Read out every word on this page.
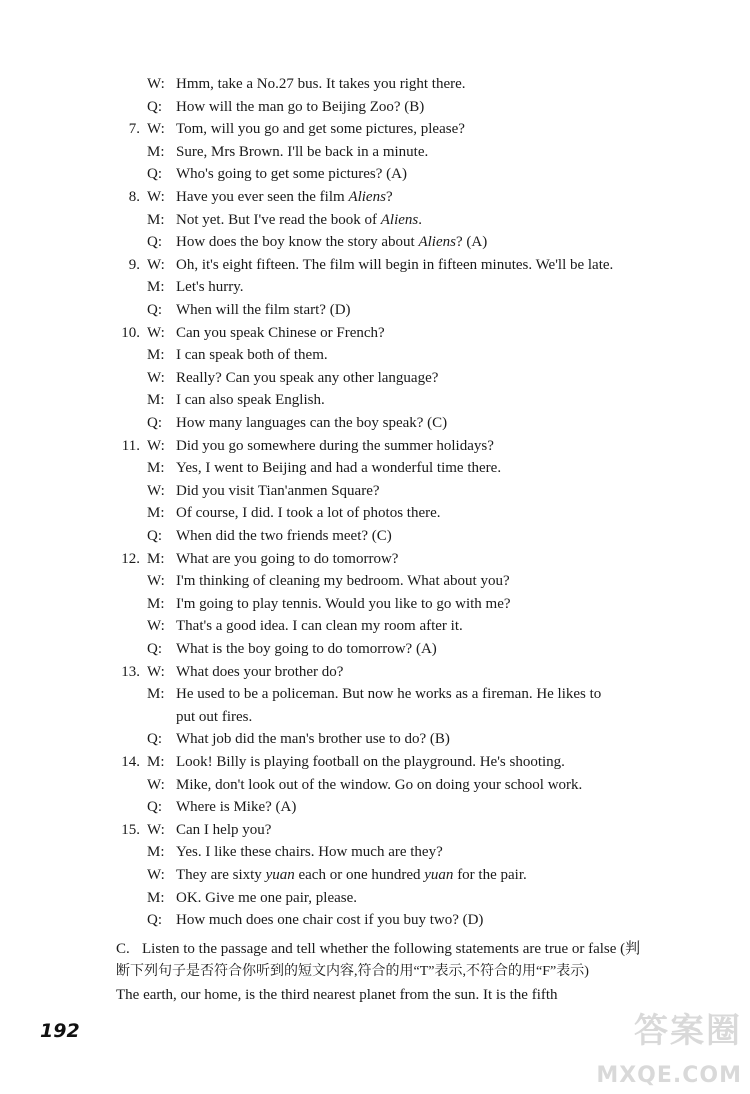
W: Hmm, take a No.27 bus. It takes you right there.
Q: How will the man go to Beijing Zoo? (B)
7. W: Tom, will you go and get some pictures, please?
M: Sure, Mrs Brown. I'll be back in a minute.
Q: Who's going to get some pictures? (A)
8. W: Have you ever seen the film Aliens?
M: Not yet. But I've read the book of Aliens.
Q: How does the boy know the story about Aliens? (A)
9. W: Oh, it's eight fifteen. The film will begin in fifteen minutes. We'll be late.
M: Let's hurry.
Q: When will the film start? (D)
10. W: Can you speak Chinese or French?
M: I can speak both of them.
W: Really? Can you speak any other language?
M: I can also speak English.
Q: How many languages can the boy speak? (C)
11. W: Did you go somewhere during the summer holidays?
M: Yes, I went to Beijing and had a wonderful time there.
W: Did you visit Tian'anmen Square?
M: Of course, I did. I took a lot of photos there.
Q: When did the two friends meet? (C)
12. M: What are you going to do tomorrow?
W: I'm thinking of cleaning my bedroom. What about you?
M: I'm going to play tennis. Would you like to go with me?
W: That's a good idea. I can clean my room after it.
Q: What is the boy going to do tomorrow? (A)
13. W: What does your brother do?
M: He used to be a policeman. But now he works as a fireman. He likes to
put out fires.
Q: What job did the man's brother use to do? (B)
14. M: Look! Billy is playing football on the playground. He's shooting.
W: Mike, don't look out of the window. Go on doing your school work.
Q: Where is Mike? (A)
15. W: Can I help you?
M: Yes. I like these chairs. How much are they?
W: They are sixty yuan each or one hundred yuan for the pair.
M: OK. Give me one pair, please.
Q: How much does one chair cost if you buy two? (D)
C. Listen to the passage and tell whether the following statements are true or false (判
断下列句子是否符合你听到的短文内容,符合的用“T”表示,不符合的用“F”表示)
The earth, our home, is the third nearest planet from the sun. It is the fifth
192	答案圈
MXQE.COM
